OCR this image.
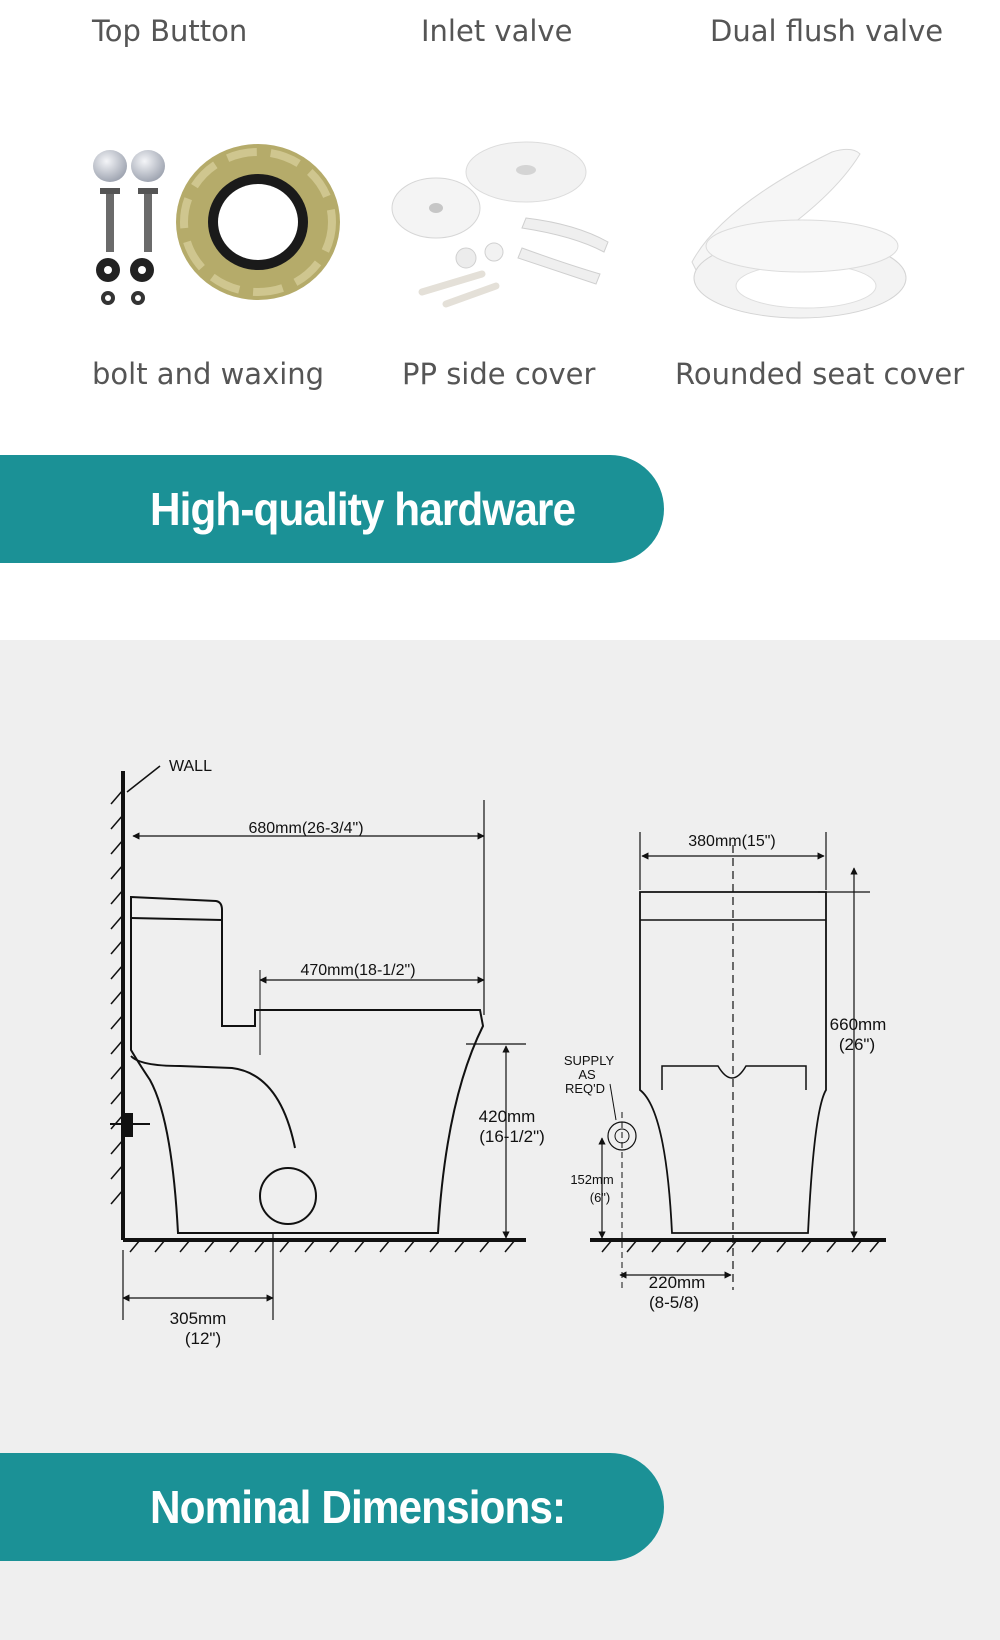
Top Button	Inlet valve	Dual flush valve
bolt and waxing	PP side cover	Rounded seat cover
High-quality hardware
WALL
680mm(26-3/4")
470mm(18-1/2")
420mm
(16-1/2")
305mm
(12")
380mm(15")
660mm
(26")
SUPPLY
AS
REQ'D
152mm
(6")
220mm
(8-5/8)
Nominal Dimensions:
